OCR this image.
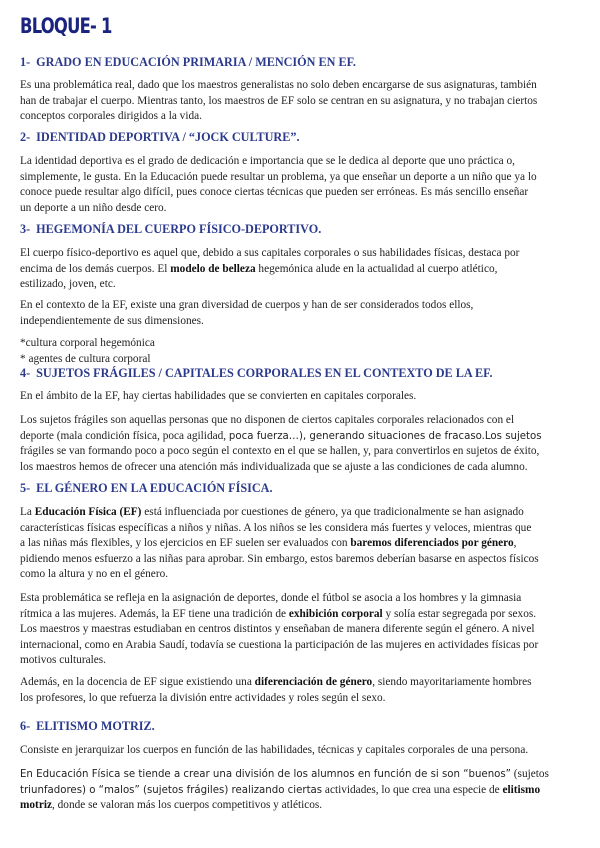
BLOQUE- 1
1- GRADO EN EDUCACIÓN PRIMARIA / MENCIÓN EN EF.
Es una problemática real, dado que los maestros generalistas no solo deben encargarse de sus asignaturas, también
han de trabajar el cuerpo. Mientras tanto, los maestros de EF solo se centran en su asignatura, y no trabajan ciertos
conceptos corporales dirigidos a la vida.
2- IDENTIDAD DEPORTIVA / “JOCK CULTURE”.
La identidad deportiva es el grado de dedicación e importancia que se le dedica al deporte que uno práctica o,
simplemente, le gusta. En la Educación puede resultar un problema, ya que enseñar un deporte a un niño que ya lo
conoce puede resultar algo difícil, pues conoce ciertas técnicas que pueden ser erróneas. Es más sencillo enseñar
un deporte a un niño desde cero.
3- HEGEMONÍA DEL CUERPO FÍSICO-DEPORTIVO.
El cuerpo físico-deportivo es aquel que, debido a sus capitales corporales o sus habilidades físicas, destaca por
encima de los demás cuerpos. El modelo de belleza hegemónica alude en la actualidad al cuerpo atlético,
estilizado, joven, etc.
En el contexto de la EF, existe una gran diversidad de cuerpos y han de ser considerados todos ellos,
independientemente de sus dimensiones.
*cultura corporal hegemónica
* agentes de cultura corporal
4- SUJETOS FRÁGILES / CAPITALES CORPORALES EN EL CONTEXTO DE LA EF.
En el ámbito de la EF, hay ciertas habilidades que se convierten en capitales corporales.
Los sujetos frágiles son aquellas personas que no disponen de ciertos capitales corporales relacionados con el
deporte (mala condición física, poca agilidad, poca fuerza…), generando situaciones de fracaso.Los sujetos
frágiles se van formando poco a poco según el contexto en el que se hallen, y, para convertirlos en sujetos de éxito,
los maestros hemos de ofrecer una atención más individualizada que se ajuste a las condiciones de cada alumno.
5- EL GÉNERO EN LA EDUCACIÓN FÍSICA.
La Educación Física (EF) está influenciada por cuestiones de género, ya que tradicionalmente se han asignado
características físicas específicas a niños y niñas. A los niños se les considera más fuertes y veloces, mientras que
a las niñas más flexibles, y los ejercicios en EF suelen ser evaluados con baremos diferenciados por género,
pidiendo menos esfuerzo a las niñas para aprobar. Sin embargo, estos baremos deberían basarse en aspectos físicos
como la altura y no en el género.
Esta problemática se refleja en la asignación de deportes, donde el fútbol se asocia a los hombres y la gimnasia
rítmica a las mujeres. Además, la EF tiene una tradición de exhibición corporal y solía estar segregada por sexos.
Los maestros y maestras estudiaban en centros distintos y enseñaban de manera diferente según el género. A nivel
internacional, como en Arabia Saudí, todavía se cuestiona la participación de las mujeres en actividades físicas por
motivos culturales.
Además, en la docencia de EF sigue existiendo una diferenciación de género, siendo mayoritariamente hombres
los profesores, lo que refuerza la división entre actividades y roles según el sexo.
6- ELITISMO MOTRIZ.
Consiste en jerarquizar los cuerpos en función de las habilidades, técnicas y capitales corporales de una persona.
En Educación Física se tiende a crear una división de los alumnos en función de si son “buenos” (sujetos
triunfadores) o “malos” (sujetos frágiles) realizando ciertas actividades, lo que crea una especie de elitismo
motriz, donde se valoran más los cuerpos competitivos y atléticos.
